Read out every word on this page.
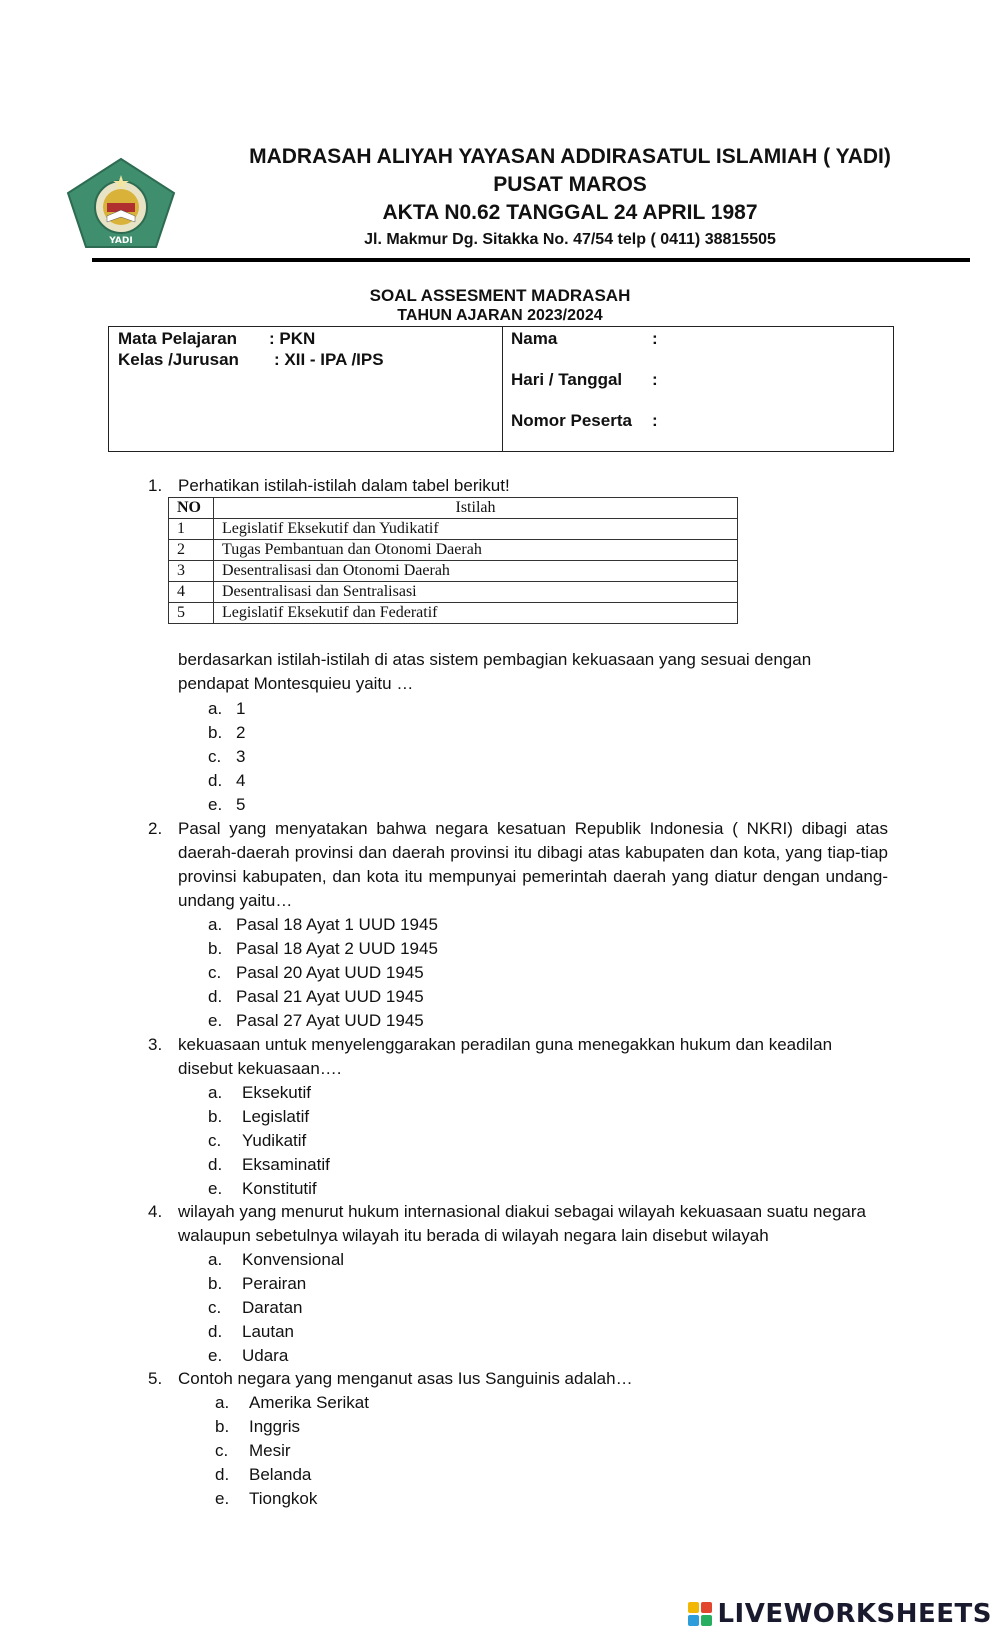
YADI
MADRASAH ALIYAH YAYASAN ADDIRASATUL ISLAMIAH ( YADI)
PUSAT MAROS
AKTA N0.62 TANGGAL 24 APRIL 1987
Jl. Makmur Dg. Sitakka No. 47/54 telp ( 0411) 38815505
SOAL ASSESMENT MADRASAH
TAHUN AJARAN 2023/2024
Mata Pelajaran : PKN
Kelas /Jurusan : XII - IPA /IPS
Nama	:
Hari / Tanggal :
Nomor Peserta :
1. Perhatikan istilah-istilah dalam tabel berikut!
NO	Istilah
1	Legislatif Eksekutif dan Yudikatif
2	Tugas Pembantuan dan Otonomi Daerah
3	Desentralisasi dan Otonomi Daerah
4	Desentralisasi dan Sentralisasi
5	Legislatif Eksekutif dan Federatif
berdasarkan istilah-istilah di atas sistem pembagian kekuasaan yang sesuai dengan pendapat Montesquieu yaitu …
a. 1
b. 2
c. 3
d. 4
e. 5
2. Pasal yang menyatakan bahwa negara kesatuan Republik Indonesia ( NKRI) dibagi atas daerah-daerah provinsi dan daerah provinsi itu dibagi atas kabupaten dan kota, yang tiap-tiap provinsi kabupaten, dan kota itu mempunyai pemerintah daerah yang diatur dengan undang-undang yaitu…
a. Pasal 18 Ayat 1 UUD 1945
b. Pasal 18 Ayat 2 UUD 1945
c. Pasal 20 Ayat UUD 1945
d. Pasal 21 Ayat UUD 1945
e. Pasal 27 Ayat UUD 1945
3. kekuasaan untuk menyelenggarakan peradilan guna menegakkan hukum dan keadilan disebut kekuasaan….
a. Eksekutif
b. Legislatif
c. Yudikatif
d. Eksaminatif
e. Konstitutif
4. wilayah yang menurut hukum internasional diakui sebagai wilayah kekuasaan suatu negara walaupun sebetulnya wilayah itu berada di wilayah negara lain disebut wilayah
a. Konvensional
b. Perairan
c. Daratan
d. Lautan
e. Udara
5. Contoh negara yang menganut asas Ius Sanguinis adalah…
a. Amerika Serikat
b. Inggris
c. Mesir
d. Belanda
e. Tiongkok
LIVEWORKSHEETS
